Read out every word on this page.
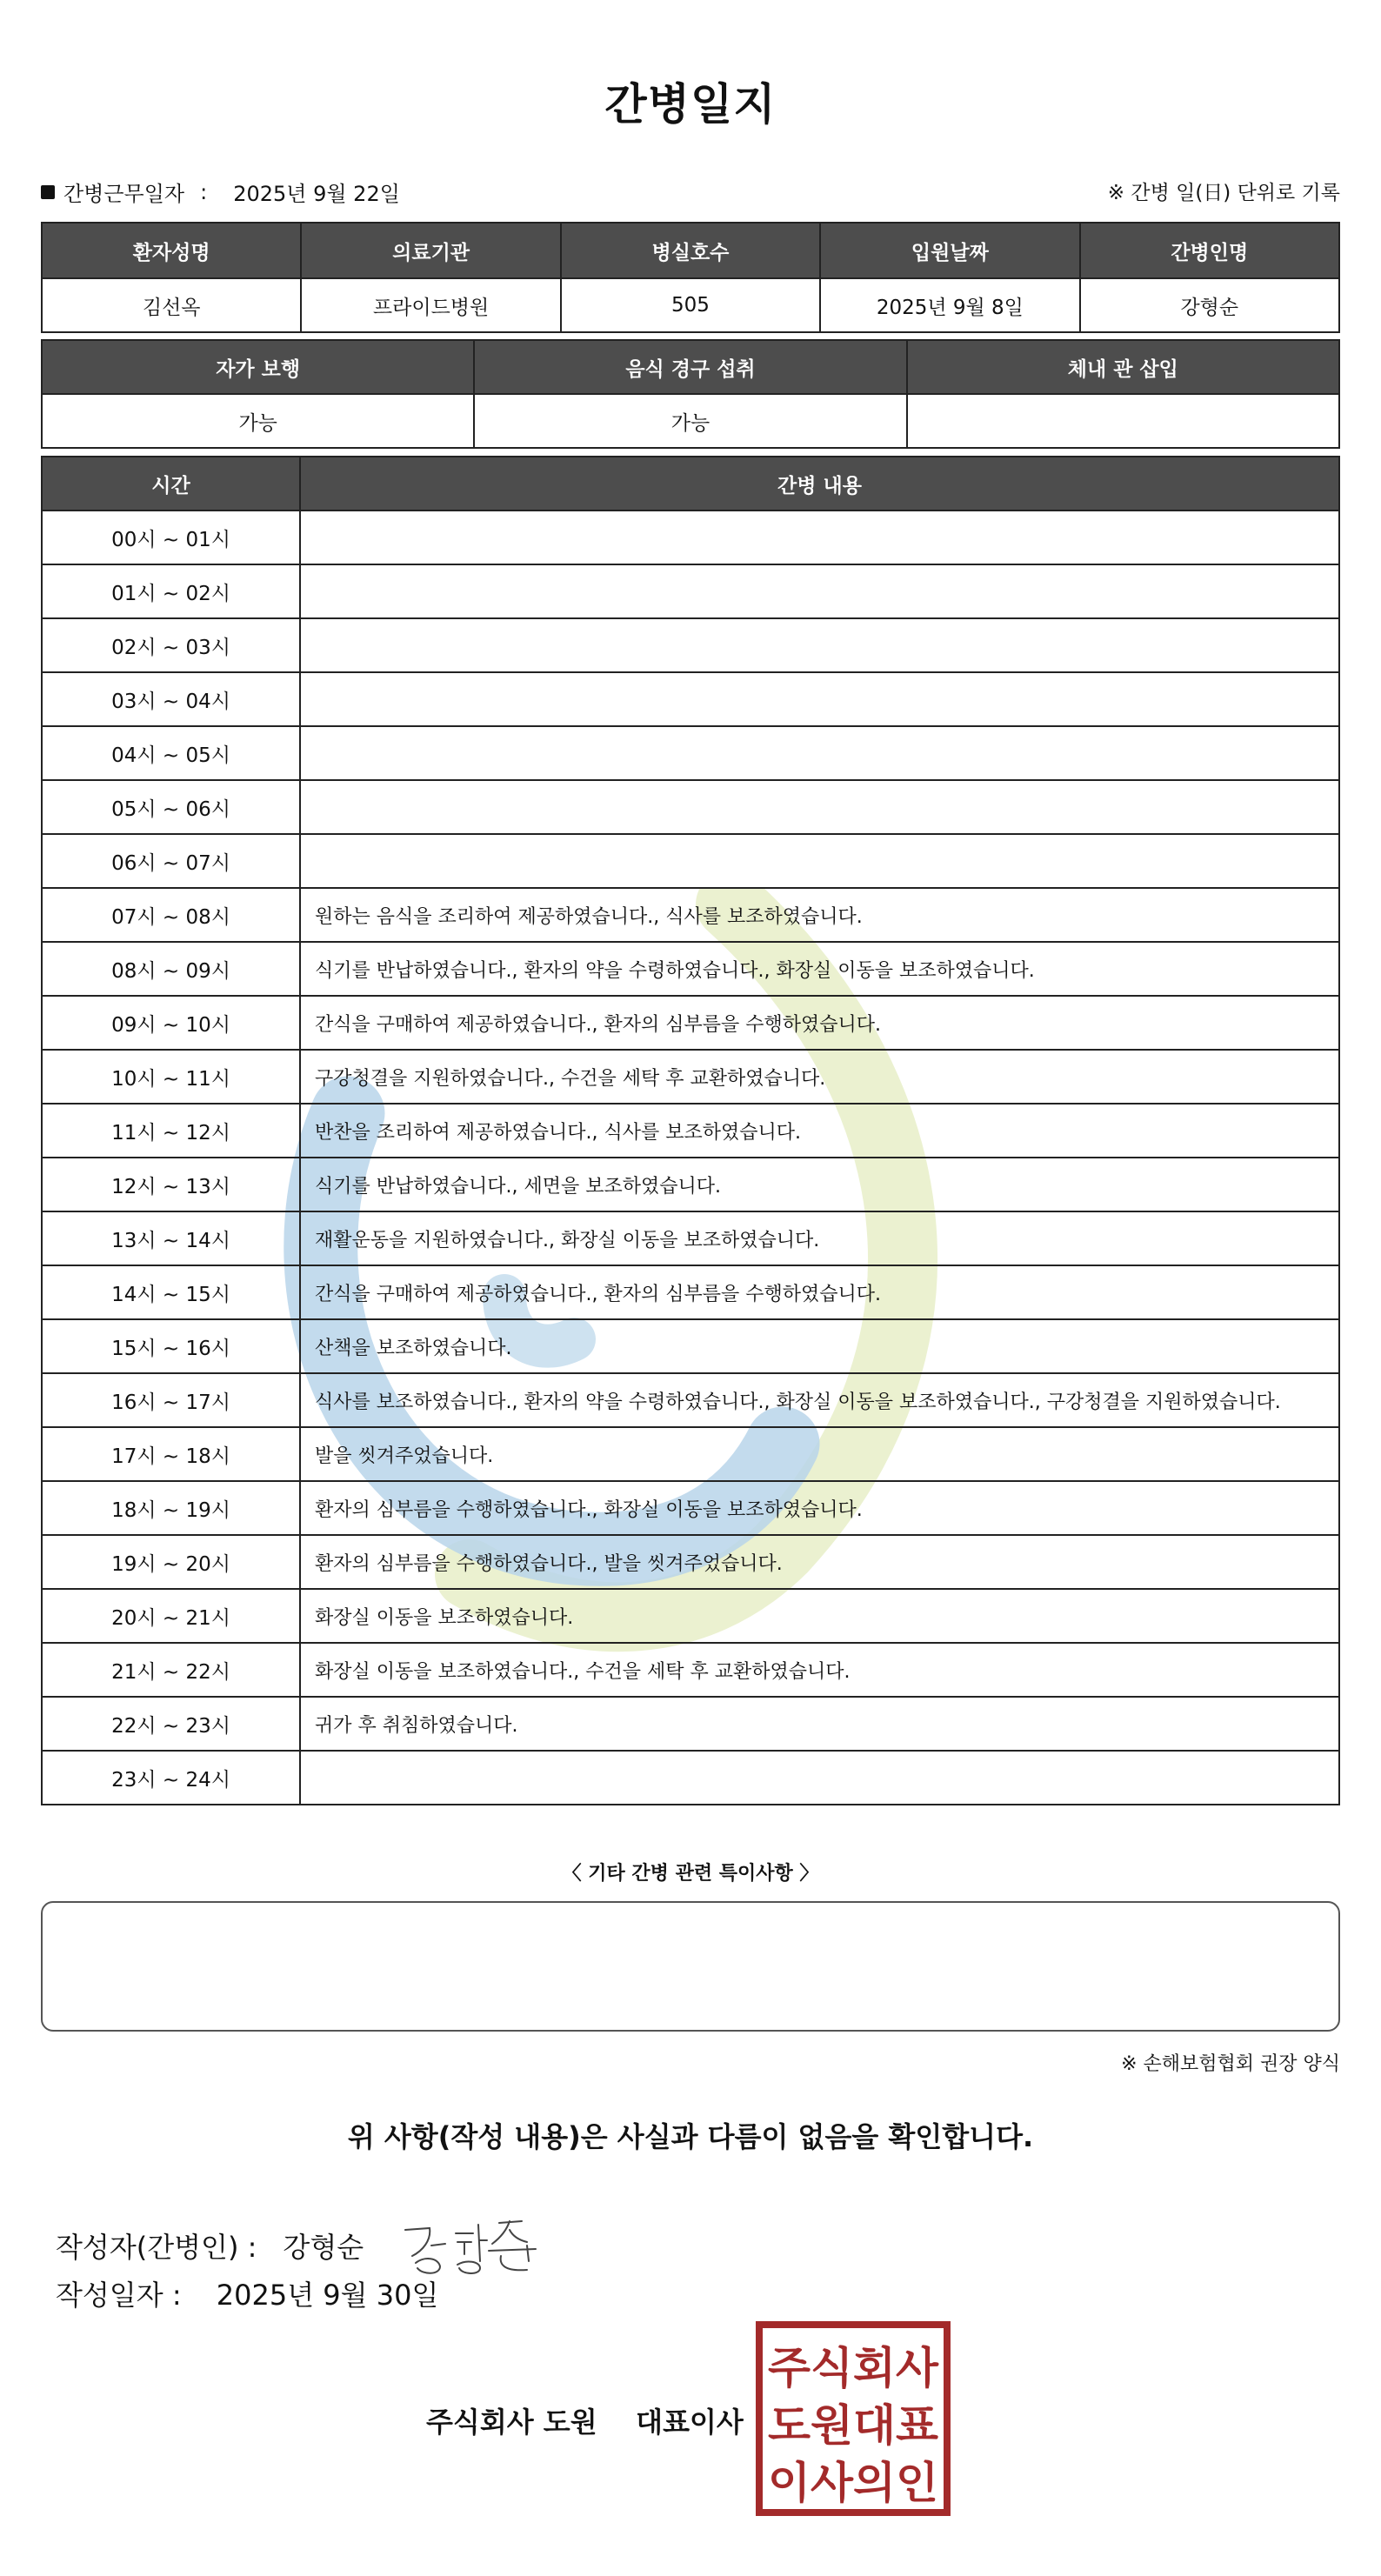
간병일지
간병근무일자 : 2025년 9월 22일	※ 간병 일(日) 단위로 기록
환자성명	의료기관	병실호수	입원날짜	간병인명
김선옥	프라이드병원	505	2025년 9월 8일	강형순
자가 보행	음식 경구 섭취	체내 관 삽입
가능	가능	
시간	간병 내용
00시 ~ 01시	
01시 ~ 02시	
02시 ~ 03시	
03시 ~ 04시	
04시 ~ 05시	
05시 ~ 06시	
06시 ~ 07시	
07시 ~ 08시	원하는 음식을 조리하여 제공하였습니다., 식사를 보조하였습니다.
08시 ~ 09시	식기를 반납하였습니다., 환자의 약을 수령하였습니다., 화장실 이동을 보조하였습니다.
09시 ~ 10시	간식을 구매하여 제공하였습니다., 환자의 심부름을 수행하였습니다.
10시 ~ 11시	구강청결을 지원하였습니다., 수건을 세탁 후 교환하였습니다.
11시 ~ 12시	반찬을 조리하여 제공하였습니다., 식사를 보조하였습니다.
12시 ~ 13시	식기를 반납하였습니다., 세면을 보조하였습니다.
13시 ~ 14시	재활운동을 지원하였습니다., 화장실 이동을 보조하였습니다.
14시 ~ 15시	간식을 구매하여 제공하였습니다., 환자의 심부름을 수행하였습니다.
15시 ~ 16시	산책을 보조하였습니다.
16시 ~ 17시	식사를 보조하였습니다., 환자의 약을 수령하였습니다., 화장실 이동을 보조하였습니다., 구강청결을 지원하였습니다.
17시 ~ 18시	발을 씻겨주었습니다.
18시 ~ 19시	환자의 심부름을 수행하였습니다., 화장실 이동을 보조하였습니다.
19시 ~ 20시	환자의 심부름을 수행하였습니다., 발을 씻겨주었습니다.
20시 ~ 21시	화장실 이동을 보조하였습니다.
21시 ~ 22시	화장실 이동을 보조하였습니다., 수건을 세탁 후 교환하였습니다.
22시 ~ 23시	귀가 후 취침하였습니다.
23시 ~ 24시	
〈 기타 간병 관련 특이사항 〉
※ 손해보험협회 권장 양식
위 사항(작성 내용)은 사실과 다름이 없음을 확인합니다.
작성자(간병인) : 강형순
작성일자 : 2025년 9월 30일
주식회사 도원    대표이사
주식회사
도원대표
이사의인
